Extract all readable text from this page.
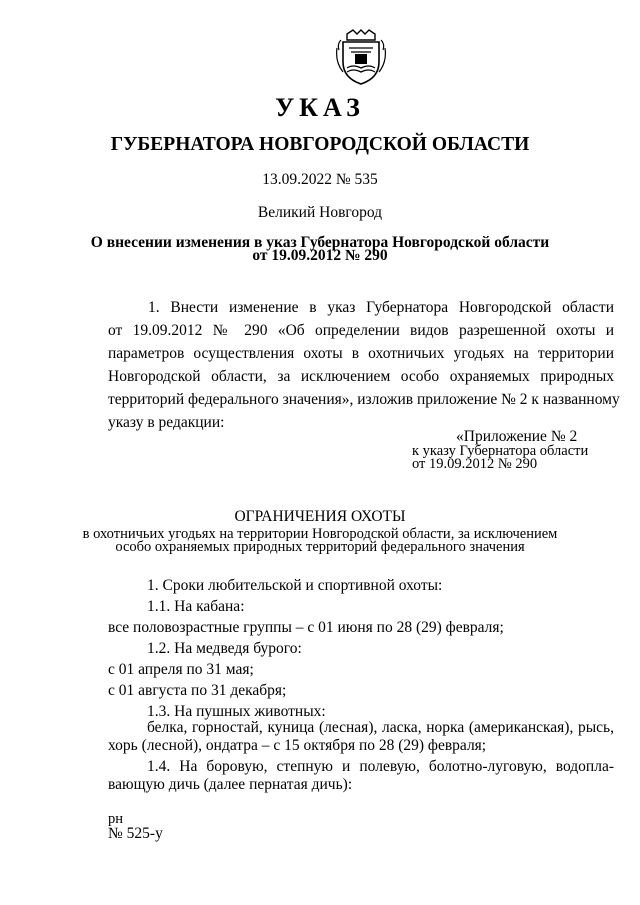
УКАЗ
ГУБЕРНАТОРА НОВГОРОДСКОЙ ОБЛАСТИ
13.09.2022 № 535
Великий Новгород
О внесении изменения в указ Губернатора Новгородской области
от 19.09.2012 № 290
1. Внести изменение в указ Губернатора Новгородской области
от 19.09.2012 № 290 «Об определении видов разрешенной охоты и
параметров осуществления охоты в охотничьих угодьях на территории
Новгородской области, за исключением особо охраняемых природных
территорий федерального значения», изложив приложение № 2 к названному
указу в редакции:
«Приложение № 2
к указу Губернатора области
от 19.09.2012 № 290
ОГРАНИЧЕНИЯ ОХОТЫ
в охотничьих угодьях на территории Новгородской области, за исключением
особо охраняемых природных территорий федерального значения
1. Сроки любительской и спортивной охоты:
1.1. На кабана:
все половозрастные группы – с 01 июня по 28 (29) февраля;
1.2. На медведя бурого:
с 01 апреля по 31 мая;
с 01 августа по 31 декабря;
1.3. На пушных животных:
белка, горностай, куница (лесная), ласка, норка (американская), рысь,
хорь (лесной), ондатра – с 15 октября по 28 (29) февраля;
1.4. На боровую, степную и полевую, болотно-луговую, водопла-
вающую дичь (далее пернатая дичь):
рн
№ 525-у
